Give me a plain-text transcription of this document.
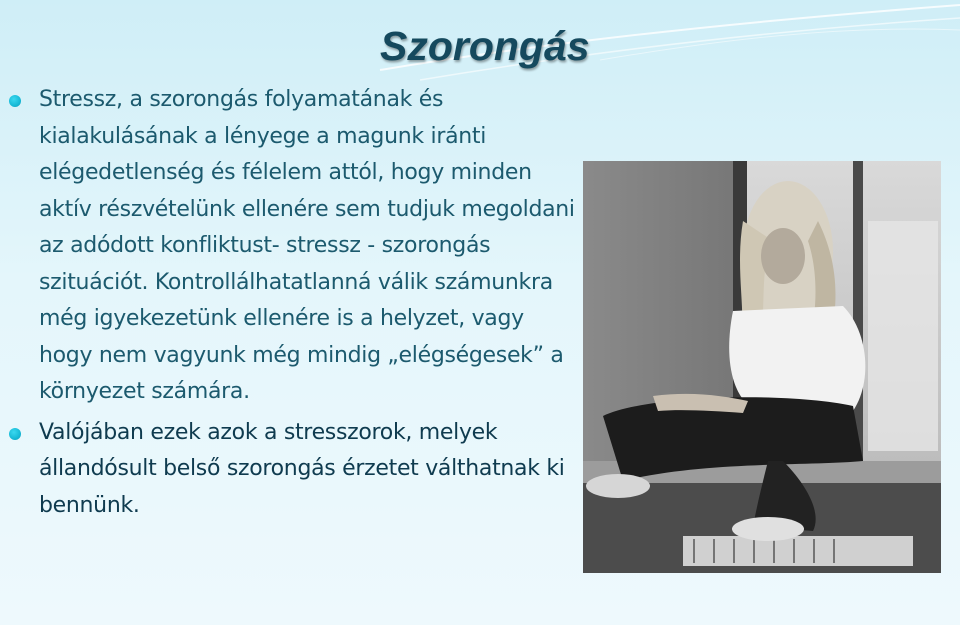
Szorongás

Stressz, a szorongás folyamatának és kialakulásának a lényege a magunk iránti elégedetlenség és félelem attól, hogy minden aktív részvételünk ellenére sem tudjuk megoldani az adódott konfliktust- stressz - szorongás szituációt. Kontrollálhatatlanná válik számunkra még igyekezetünk ellenére is a helyzet, vagy hogy nem vagyunk még mindig „elégségesek” a környezet számára.

Valójában ezek azok a stresszorok, melyek állandósult belső szorongás érzetet válthatnak ki bennünk.
